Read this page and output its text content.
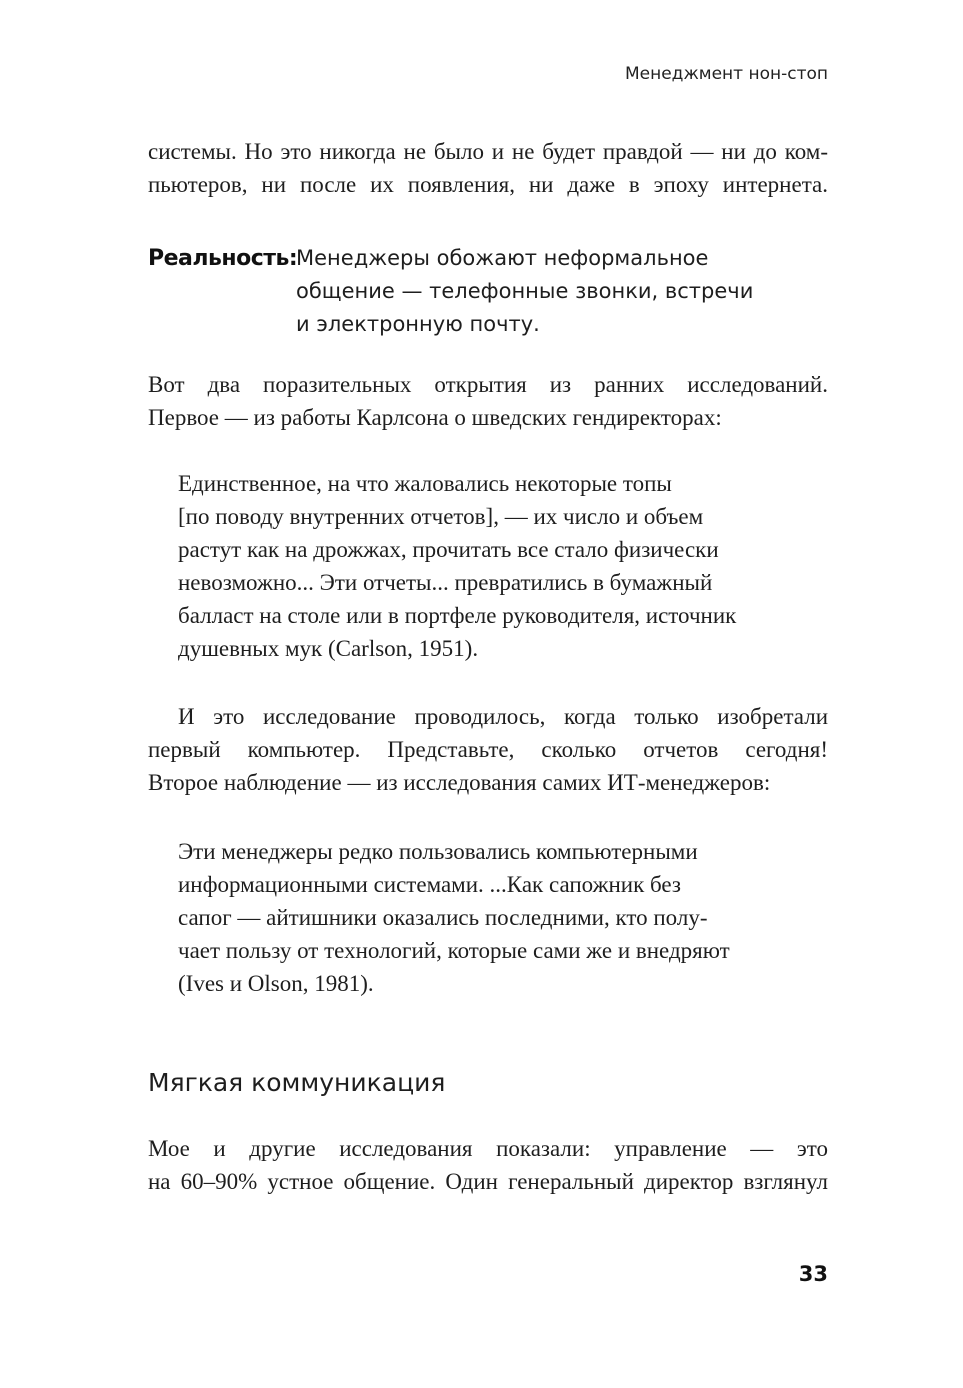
Менеджмент нон-стоп
системы. Но это никогда не было и не будет правдой — ни до ком-
пьютеров, ни после их появления, ни даже в эпоху интернета.
Реальность:
Менеджеры обожают неформальное
общение — телефонные звонки, встречи
и электронную почту.
Вот два поразительных открытия из ранних исследований.
Первое — из работы Карлсона о шведских гендиректорах:
Единственное, на что жаловались некоторые топы
[по поводу внутренних отчетов], — их число и объем
растут как на дрожжах, прочитать все стало физически
невозможно... Эти отчеты... превратились в бумажный
балласт на столе или в портфеле руководителя, источник
душевных мук (Carlson, 1951).
И это исследование проводилось, когда только изобретали
первый компьютер. Представьте, сколько отчетов сегодня!
Второе наблюдение — из исследования самих ИТ-менеджеров:
Эти менеджеры редко пользовались компьютерными
информационными системами. ...Как сапожник без
сапог — айтишники оказались последними, кто полу-
чает пользу от технологий, которые сами же и внедряют
(Ives и Olson, 1981).
Мягкая коммуникация
Мое и другие исследования показали: управление — это
на 60–90% устное общение. Один генеральный директор взглянул
33
